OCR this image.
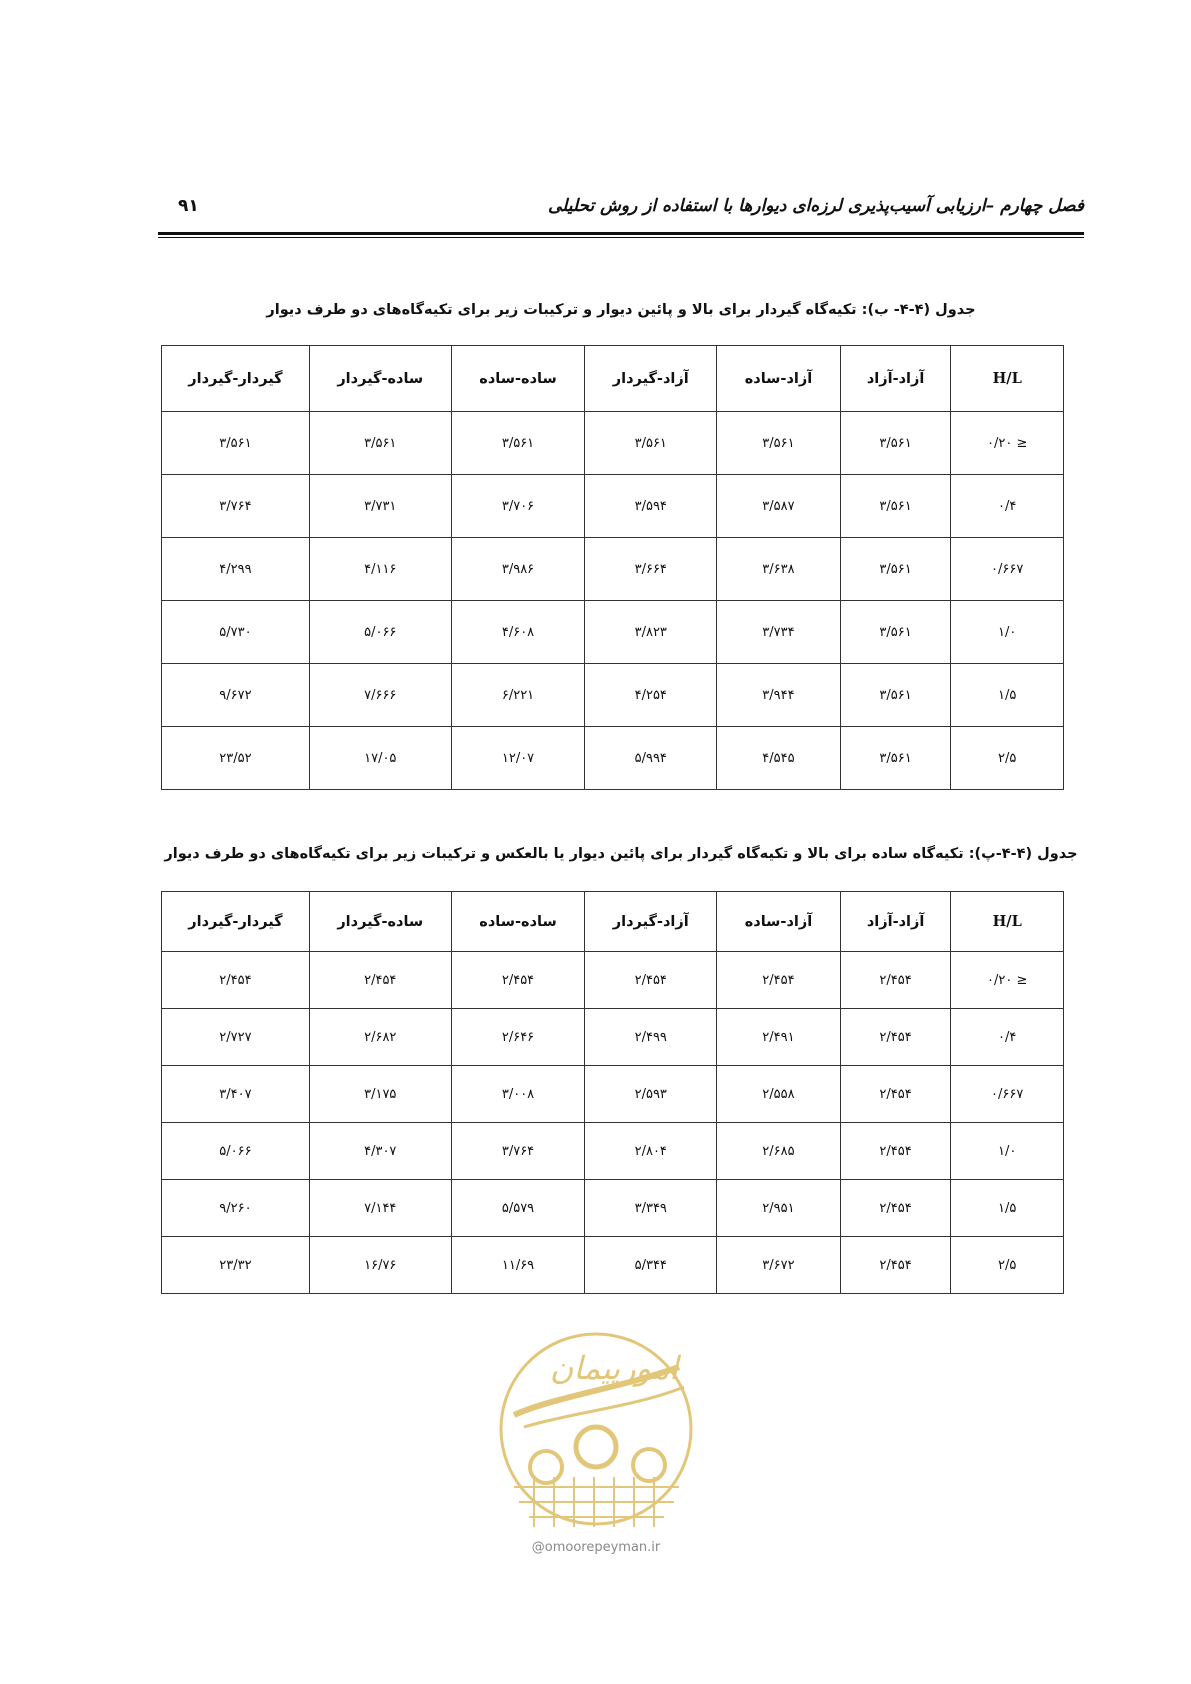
فصل چهارم –ارزیابی آسیب‌پذیری لرزه‌ای دیوارها با استفاده از روش تحلیلی
۹۱
جدول (۴-۴- ب): تکیه‌گاه گیردار برای بالا و پائین دیوار و ترکیبات زیر برای تکیه‌گاه‌های دو طرف دیوار
H/L	آزاد-آزاد	آزاد-ساده	آزاد-گیردار	ساده-ساده	ساده-گیردار	گیردار-گیردار
≤ ۰/۲۰	۳/۵۶۱	۳/۵۶۱	۳/۵۶۱	۳/۵۶۱	۳/۵۶۱	۳/۵۶۱
۰/۴	۳/۵۶۱	۳/۵۸۷	۳/۵۹۴	۳/۷۰۶	۳/۷۳۱	۳/۷۶۴
۰/۶۶۷	۳/۵۶۱	۳/۶۳۸	۳/۶۶۴	۳/۹۸۶	۴/۱۱۶	۴/۲۹۹
۱/۰	۳/۵۶۱	۳/۷۳۴	۳/۸۲۳	۴/۶۰۸	۵/۰۶۶	۵/۷۳۰
۱/۵	۳/۵۶۱	۳/۹۴۴	۴/۲۵۴	۶/۲۲۱	۷/۶۶۶	۹/۶۷۲
۲/۵	۳/۵۶۱	۴/۵۴۵	۵/۹۹۴	۱۲/۰۷	۱۷/۰۵	۲۳/۵۲
جدول (۴-۴-پ): تکیه‌گاه ساده برای بالا و تکیه‌گاه گیردار برای پائین دیوار یا بالعکس و ترکیبات زیر برای تکیه‌گاه‌های دو طرف دیوار
H/L	آزاد-آزاد	آزاد-ساده	آزاد-گیردار	ساده-ساده	ساده-گیردار	گیردار-گیردار
≤ ۰/۲۰	۲/۴۵۴	۲/۴۵۴	۲/۴۵۴	۲/۴۵۴	۲/۴۵۴	۲/۴۵۴
۰/۴	۲/۴۵۴	۲/۴۹۱	۲/۴۹۹	۲/۶۴۶	۲/۶۸۲	۲/۷۲۷
۰/۶۶۷	۲/۴۵۴	۲/۵۵۸	۲/۵۹۳	۳/۰۰۸	۳/۱۷۵	۳/۴۰۷
۱/۰	۲/۴۵۴	۲/۶۸۵	۲/۸۰۴	۳/۷۶۴	۴/۳۰۷	۵/۰۶۶
۱/۵	۲/۴۵۴	۲/۹۵۱	۳/۳۴۹	۵/۵۷۹	۷/۱۴۴	۹/۲۶۰
۲/۵	۲/۴۵۴	۳/۶۷۲	۵/۳۴۴	۱۱/۶۹	۱۶/۷۶	۲۳/۳۲
امورپیمان
@omoorepeyman.ir
